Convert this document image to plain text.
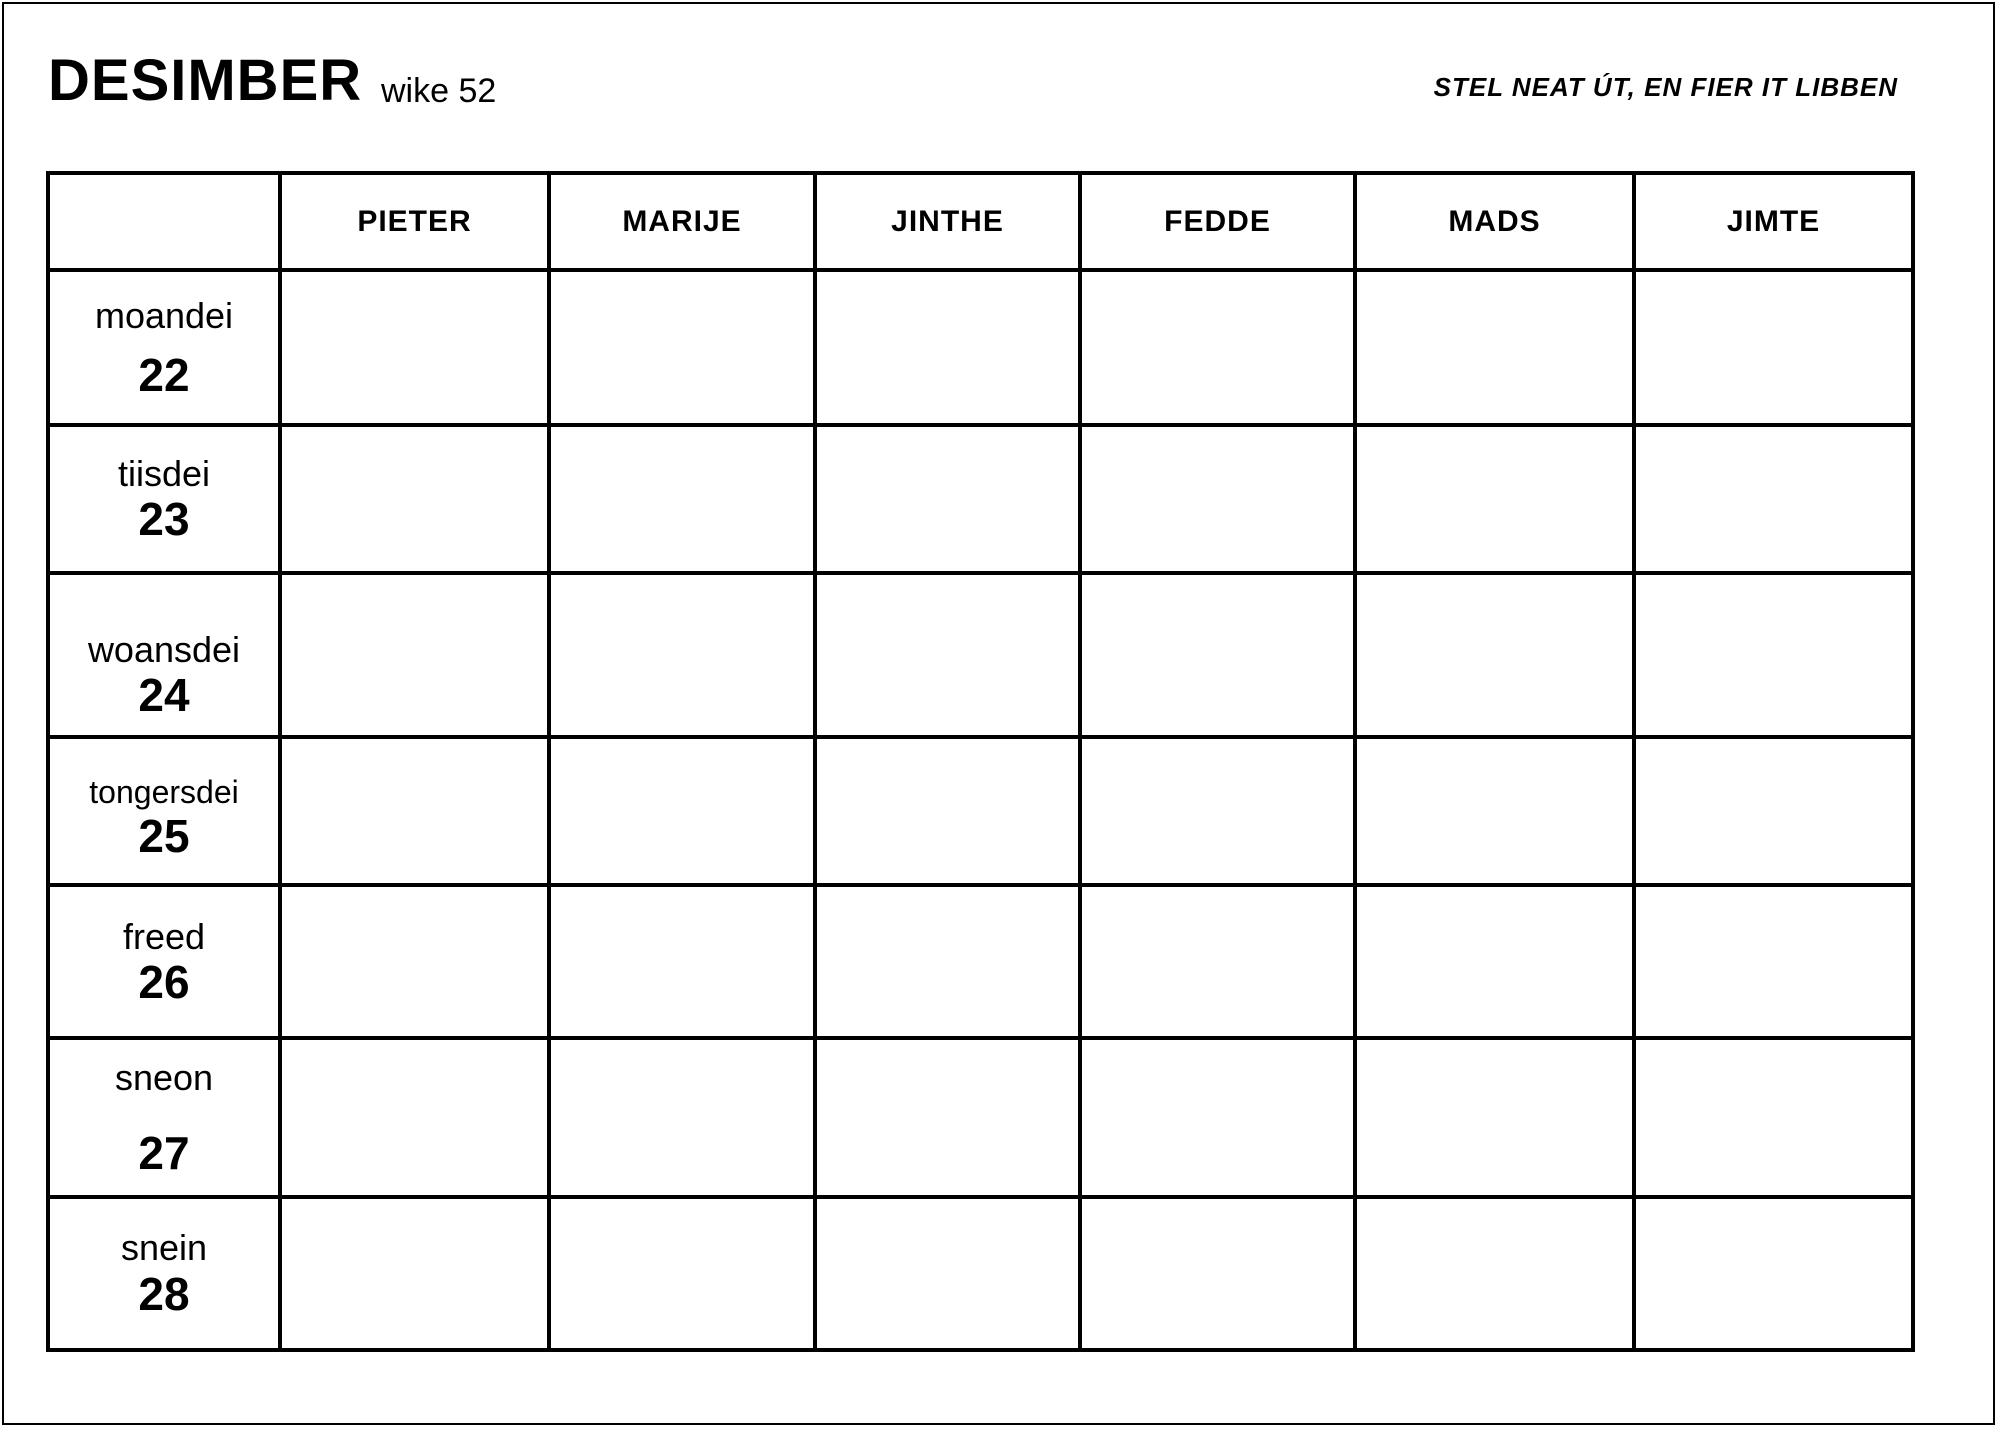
DESIMBER wike 52	STEL NEAT ÚT, EN FIER IT LIBBEN
	PIETER	MARIJE	JINTHE	FEDDE	MADS	JIMTE

moandei
22						

tiisdei
23						

woansdei
24						

tongersdei
25						

freed
26						

sneon
27						

snein
28						
